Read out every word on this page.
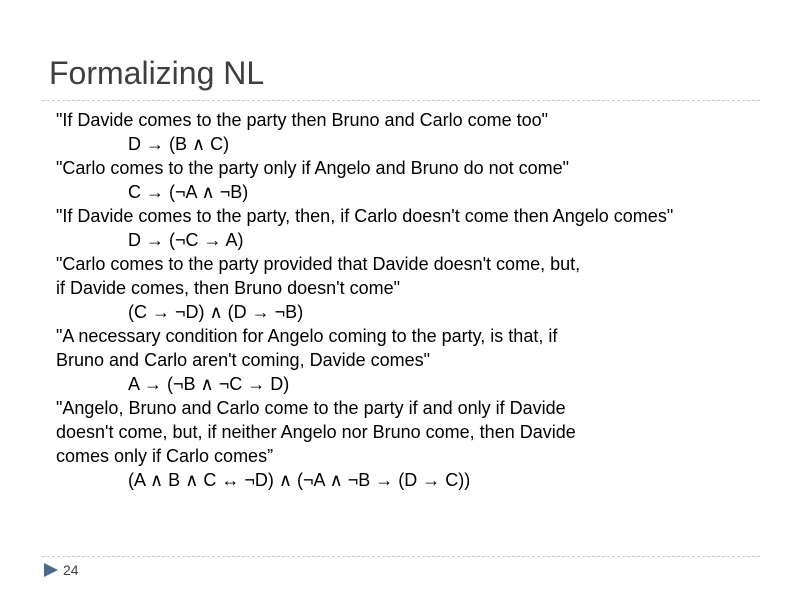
Formalizing NL
"If Davide comes to the party then Bruno and Carlo come too"
D → (B ∧ C)
"Carlo comes to the party only if Angelo and Bruno do not come"
C → (¬A ∧ ¬B)
"If Davide comes to the party, then, if Carlo doesn't come then Angelo comes"
D → (¬C → A)
"Carlo comes to the party provided that Davide doesn't come, but,
if Davide comes, then Bruno doesn't come"
(C → ¬D) ∧ (D → ¬B)
"A necessary condition for Angelo coming to the party, is that, if
Bruno and Carlo aren't coming, Davide comes"
A → (¬B ∧ ¬C → D)
"Angelo, Bruno and Carlo come to the party if and only if Davide
doesn't come, but, if neither Angelo nor Bruno come, then Davide
comes only if Carlo comes”
(A ∧ B ∧ C ↔ ¬D) ∧ (¬A ∧ ¬B → (D → C))
24
